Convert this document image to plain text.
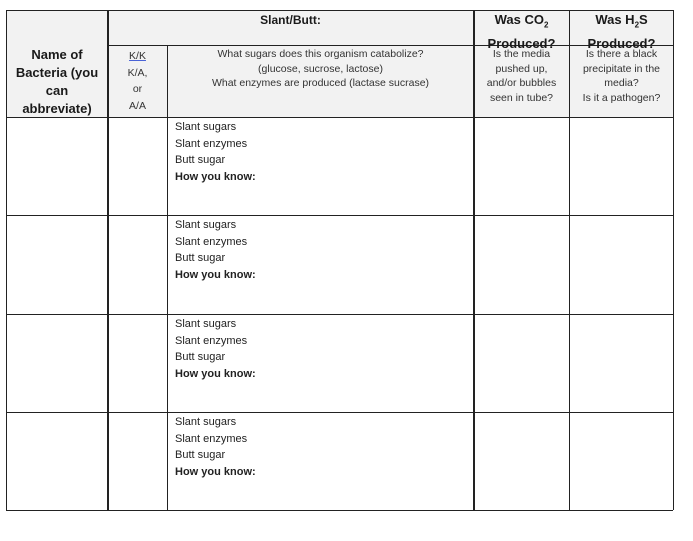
Name of
Bacteria (you
can
abbreviate)
K/K
K/A,
or
A/A
Slant/Butt:
What sugars does this organism catabolize?
(glucose, sucrose, lactose)
What enzymes are produced (lactase sucrase)
Was $CO_2$
Produced?
Is the media
pushed up,
and/or bubbles
seen in tube?
Was $H_2S$
Produced?
Is there a black
precipitate in the
media?
Is it a pathogen?
Slant sugars
Slant enzymes
Butt sugar
How you know:
Slant sugars
Slant enzymes
Butt sugar
How you know:
Slant sugars
Slant enzymes
Butt sugar
How you know:
Slant sugars
Slant enzymes
Butt sugar
How you know:
